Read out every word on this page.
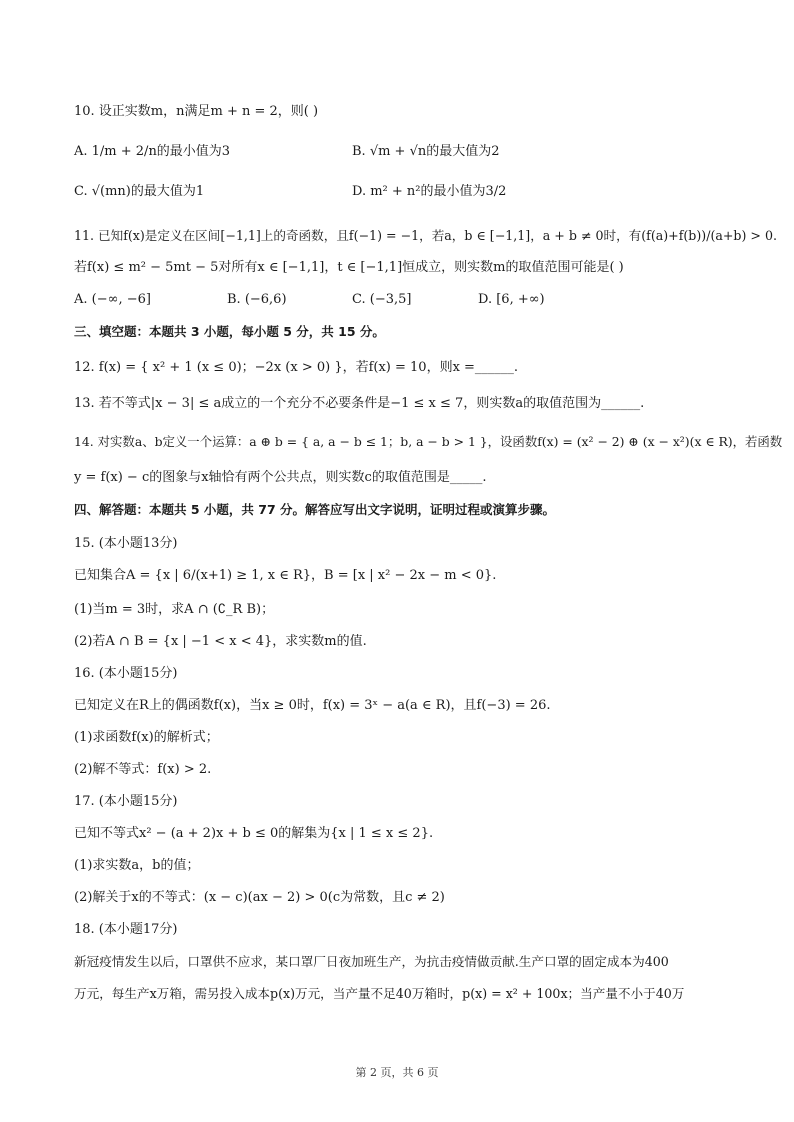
10. 设正实数m，n满足m + n = 2，则( )
A. 1/m + 2/n的最小值为3	B. √m + √n的最大值为2
C. √(mn)的最大值为1	D. m² + n²的最小值为3/2
11. 已知f(x)是定义在区间[−1,1]上的奇函数，且f(−1) = −1，若a，b ∈ [−1,1]，a + b ≠ 0时，有(f(a)+f(b))/(a+b) > 0.
若f(x) ≤ m² − 5mt − 5对所有x ∈ [−1,1]，t ∈ [−1,1]恒成立，则实数m的取值范围可能是( )
A. (−∞, −6]	B. (−6,6)	C. (−3,5]	D. [6, +∞)
三、填空题：本题共 3 小题，每小题 5 分，共 15 分。
12. f(x) = { x² + 1 (x ≤ 0)；−2x (x > 0) }，若f(x) = 10，则x =______.
13. 若不等式|x − 3| ≤ a成立的一个充分不必要条件是−1 ≤ x ≤ 7，则实数a的取值范围为______.
14. 对实数a、b定义一个运算：a ⊕ b = { a, a − b ≤ 1；b, a − b > 1 }，设函数f(x) = (x² − 2) ⊕ (x − x²)(x ∈ R)，若函数
y = f(x) − c的图象与x轴恰有两个公共点，则实数c的取值范围是_____.
四、解答题：本题共 5 小题，共 77 分。解答应写出文字说明，证明过程或演算步骤。
15. (本小题13分)
已知集合A = {x | 6/(x+1) ≥ 1, x ∈ R}，B = [x | x² − 2x − m < 0}.
(1)当m = 3时，求A ∩ (∁_R B)；
(2)若A ∩ B = {x | −1 < x < 4}，求实数m的值.
16. (本小题15分)
已知定义在R上的偶函数f(x)，当x ≥ 0时，f(x) = 3ˣ − a(a ∈ R)，且f(−3) = 26.
(1)求函数f(x)的解析式；
(2)解不等式：f(x) > 2.
17. (本小题15分)
已知不等式x² − (a + 2)x + b ≤ 0的解集为{x | 1 ≤ x ≤ 2}.
(1)求实数a，b的值；
(2)解关于x的不等式：(x − c)(ax − 2) > 0(c为常数，且c ≠ 2)
18. (本小题17分)
新冠疫情发生以后，口罩供不应求，某口罩厂日夜加班生产，为抗击疫情做贡献.生产口罩的固定成本为400
万元，每生产x万箱，需另投入成本p(x)万元，当产量不足40万箱时，p(x) = x² + 100x；当产量不小于40万
第 2 页，共 6 页
